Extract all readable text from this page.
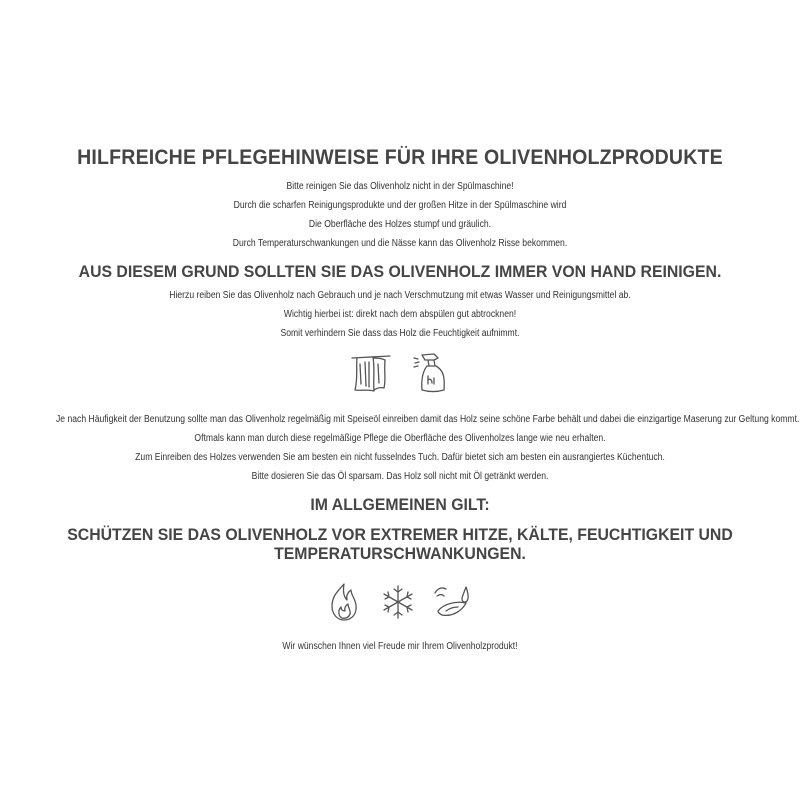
HILFREICHE PFLEGEHINWEISE FÜR IHRE OLIVENHOLZPRODUKTE

Bitte reinigen Sie das Olivenholz nicht in der Spülmaschine!

Durch die scharfen Reinigungsprodukte und der großen Hitze in der Spülmaschine wird

Die Oberfläche des Holzes stumpf und gräulich.

Durch Temperaturschwankungen und die Nässe kann das Olivenholz Risse bekommen.

AUS DIESEM GRUND SOLLTEN SIE DAS OLIVENHOLZ IMMER VON HAND REINIGEN.

Hierzu reiben Sie das Olivenholz nach Gebrauch und je nach Verschmutzung mit etwas Wasser und Reinigungsmittel ab.

Wichtig hierbei ist: direkt nach dem abspülen gut abtrocknen!

Somit verhindern Sie dass das Holz die Feuchtigkeit aufnimmt.

Je nach Häufigkeit der Benutzung sollte man das Olivenholz regelmäßig mit Speiseöl einreiben damit das Holz seine schöne Farbe behält und dabei die einzigartige Maserung zur Geltung kommt.

Oftmals kann man durch diese regelmäßige Pflege die Oberfläche des Olivenholzes lange wie neu erhalten.

Zum Einreiben des Holzes verwenden Sie am besten ein nicht fusselndes Tuch. Dafür bietet sich am besten ein ausrangiertes Küchentuch.

Bitte dosieren Sie das Öl sparsam. Das Holz soll nicht mit Öl getränkt werden.

IM ALLGEMEINEN GILT:
SCHÜTZEN SIE DAS OLIVENHOLZ VOR EXTREMER HITZE, KÄLTE, FEUCHTIGKEIT UND
TEMPERATURSCHWANKUNGEN.

Wir wünschen Ihnen viel Freude mir Ihrem Olivenholzprodukt!
